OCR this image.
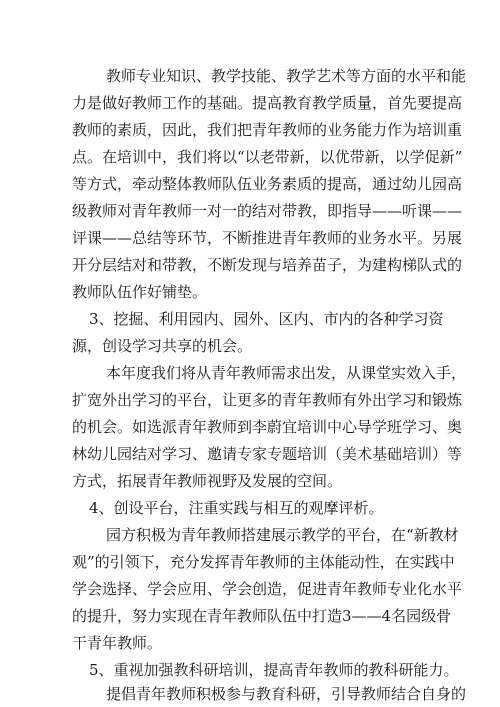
教师专业知识、教学技能、教学艺术等方面的水平和能
力是做好教师工作的基础。提高教育教学质量，首先要提高
教师的素质，因此，我们把青年教师的业务能力作为培训重
点。在培训中，我们将以“以老带新，以优带新，以学促新”
等方式，牵动整体教师队伍业务素质的提高，通过幼儿园高
级教师对青年教师一对一的结对带教，即指导——听课——
评课——总结等环节，不断推进青年教师的业务水平。另展
开分层结对和带教，不断发现与培养苗子，为建构梯队式的
教师队伍作好铺垫。
3、挖掘、利用园内、园外、区内、市内的各种学习资
源，创设学习共享的机会。
本年度我们将从青年教师需求出发，从课堂实效入手，
扩宽外出学习的平台，让更多的青年教师有外出学习和锻炼
的机会。如选派青年教师到李蔚宜培训中心导学班学习、奥
林幼儿园结对学习、邀请专家专题培训（美术基础培训）等
方式，拓展青年教师视野及发展的空间。
4、创设平台，注重实践与相互的观摩评析。
园方积极为青年教师搭建展示教学的平台，在“新教材
观”的引领下，充分发挥青年教师的主体能动性，在实践中
学会选择、学会应用、学会创造，促进青年教师专业化水平
的提升，努力实现在青年教师队伍中打造3——4名园级骨
干青年教师。
5、重视加强教科研培训，提高青年教师的教科研能力。
提倡青年教师积极参与教育科研，引导教师结合自身的
